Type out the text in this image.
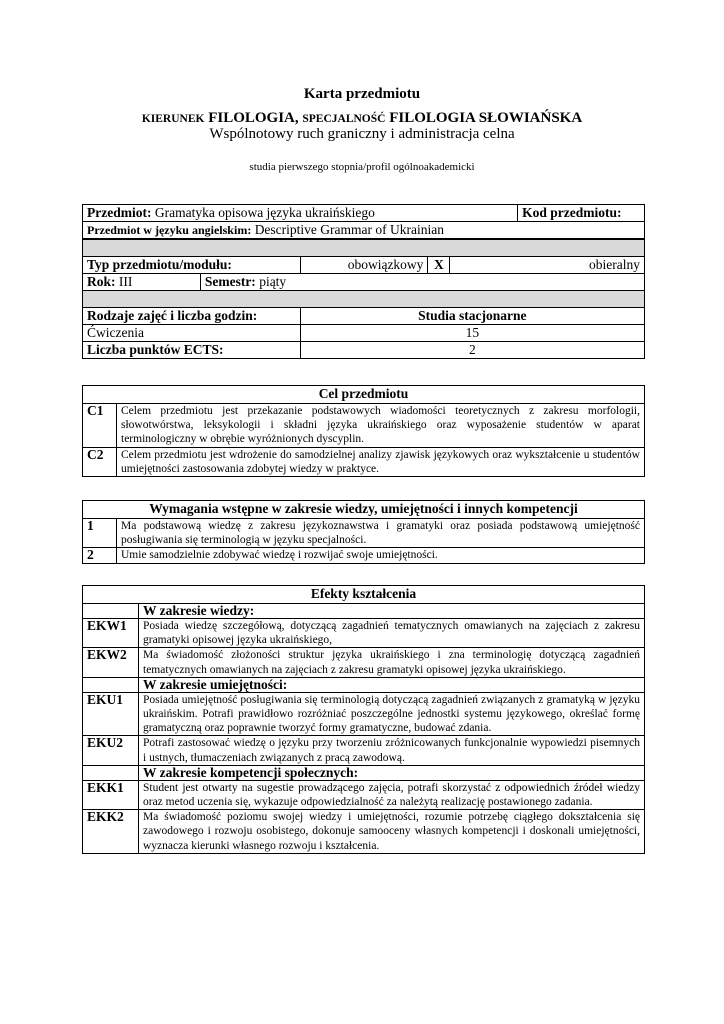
Karta przedmiotu
KIERUNEK FILOLOGIA, SPECJALNOŚĆ FILOLOGIA SŁOWIAŃSKA
Wspólnotowy ruch graniczny i administracja celna
studia pierwszego stopnia/profil ogólnoakademicki
Przedmiot: Gramatyka opisowa języka ukraińskiego					Kod przedmiotu:
Przedmiot w języku angielskim: Descriptive Grammar of Ukrainian					

Typ przedmiotu/modułu:		obowiązkowy	X	obieralny	
Rok: III	Semestr: piąty				

Rodzaje zajęć i liczba godzin:		Studia stacjonarne			
Ćwiczenia		15			
Liczba punktów ECTS:		2			
Cel przedmiotu	
C1	Celem przedmiotu jest przekazanie podstawowych wiadomości teoretycznych z zakresu morfologii, słowotwórstwa, leksykologii i składni języka ukraińskiego oraz wyposażenie studentów w aparat terminologiczny w obrębie wyróżnionych dyscyplin.
C2	Celem przedmiotu jest wdrożenie do samodzielnej analizy zjawisk językowych oraz wykształcenie u studentów umiejętności zastosowania zdobytej wiedzy w praktyce.
Wymagania wstępne w zakresie wiedzy, umiejętności i innych kompetencji	
1	Ma podstawową wiedzę z zakresu językoznawstwa i gramatyki oraz posiada podstawową umiejętność posługiwania się terminologią w języku specjalności.
2	Umie samodzielnie zdobywać wiedzę i rozwijać swoje umiejętności.
Efekty kształcenia	
	W zakresie wiedzy:
EKW1	Posiada wiedzę szczegółową, dotyczącą zagadnień tematycznych omawianych na zajęciach z zakresu gramatyki opisowej języka ukraińskiego,
EKW2	Ma świadomość złożoności struktur języka ukraińskiego i zna terminologię dotyczącą zagadnień tematycznych omawianych na zajęciach z zakresu gramatyki opisowej języka ukraińskiego.
	W zakresie umiejętności:
EKU1	Posiada umiejętność posługiwania się terminologią dotyczącą zagadnień związanych z gramatyką w języku ukraińskim. Potrafi prawidłowo rozróżniać poszczególne jednostki systemu językowego, określać formę gramatyczną oraz poprawnie tworzyć formy gramatyczne, budować zdania.
EKU2	Potrafi zastosować wiedzę o języku przy tworzeniu zróżnicowanych funkcjonalnie wypowiedzi pisemnych i ustnych, tłumaczeniach związanych z pracą zawodową.
	W zakresie kompetencji społecznych:
EKK1	Student jest otwarty na sugestie prowadzącego zajęcia, potrafi skorzystać z odpowiednich źródeł wiedzy oraz metod uczenia się, wykazuje odpowiedzialność za należytą realizację postawionego zadania.
EKK2	Ma świadomość poziomu swojej wiedzy i umiejętności, rozumie potrzebę ciągłego dokształcenia się zawodowego i rozwoju osobistego, dokonuje samooceny własnych kompetencji i doskonali umiejętności, wyznacza kierunki własnego rozwoju i kształcenia.
